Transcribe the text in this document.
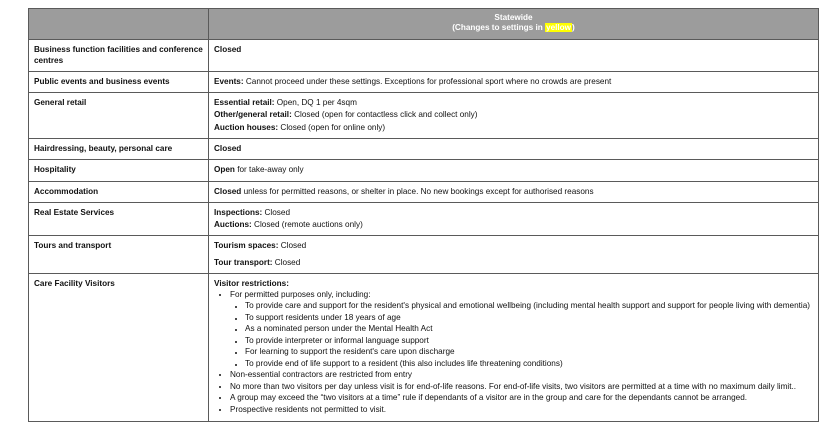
	Statewide
(Changes to settings in yellow)

Business function facilities and conference centres	Closed

Public events and business events	Events: Cannot proceed under these settings. Exceptions for professional sport where no crowds are present

General retail	Essential retail: Open, DQ 1 per 4sqm
Other/general retail: Closed (open for contactless click and collect only)
Auction houses: Closed (open for online only)

Hairdressing, beauty, personal care	Closed

Hospitality	Open for take-away only

Accommodation	Closed unless for permitted reasons, or shelter in place. No new bookings except for authorised reasons

Real Estate Services	Inspections: Closed
Auctions: Closed (remote auctions only)

Tours and transport	Tourism spaces: Closed
Tour transport: Closed

Care Facility Visitors	Visitor restrictions:
• For permitted purposes only, including:
• To provide care and support for the resident's physical and emotional wellbeing (including mental health support and support for people living with dementia)
• To support residents under 18 years of age
• As a nominated person under the Mental Health Act
• To provide interpreter or informal language support
• For learning to support the resident's care upon discharge
• To provide end of life support to a resident (this also includes life threatening conditions)
• Non-essential contractors are restricted from entry
• No more than two visitors per day unless visit is for end-of-life reasons. For end-of-life visits, two visitors are permitted at a time with no maximum daily limit..
• A group may exceed the “two visitors at a time” rule if dependants of a visitor are in the group and care for the dependants cannot be arranged.
• Prospective residents not permitted to visit.
